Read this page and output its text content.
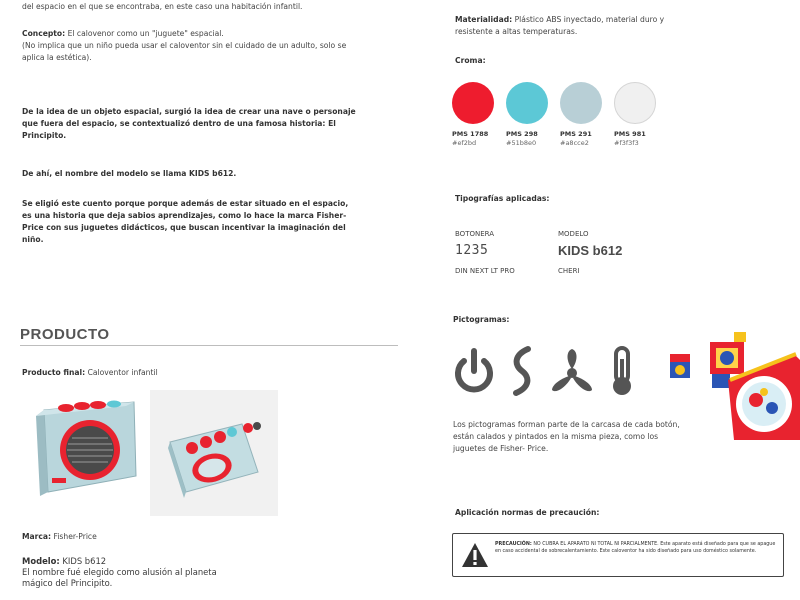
del espacio en el que se encontraba, en este caso una habitación infantil.

Concepto: El calovenor como un "juguete" espacial.

(No implica que un niño pueda usar el caloventor sin el cuidado de un adulto, solo se aplica la estética).

De la idea de un objeto espacial, surgió la idea de crear una nave o personaje que fuera del espacio, se contextualizó dentro de una famosa historia: El Principito.

De ahí, el nombre del modelo se llama KIDS b612.

Se eligió este cuento porque porque además de estar situado en el espacio, es una historia que deja sabios aprendizajes, como lo hace la marca Fisher- Price con sus juguetes didácticos, que buscan incentivar la imaginación del niño.

PRODUCTO

Producto final: Caloventor infantil

Marca: Fisher-Price

Modelo: KIDS b612

El nombre fué elegido como alusión al planeta mágico del Principito.

Materialidad: Plástico ABS inyectado, material duro y resistente a altas temperaturas.

Croma:

PMS 1788
#ef2bd
PMS 298
#51b8e0
PMS 291
#a8cce2
PMS 981
#f3f3f3

Tipografías aplicadas:

BOTONERA

1235

DIN NEXT LT PRO

MODELO

KIDS b612

CHERI

Pictogramas:

Los pictogramas forman parte de la carcasa de cada botón, están calados y pintados en la misma pieza, como los juguetes de Fisher- Price.

Aplicación normas de precaución:

PRECAUCIÓN: NO CUBRA EL APARATO NI TOTAL NI PARCIALMENTE. Este aparato está diseñado para que se apague en caso accidental de sobrecalentamiento. Este caloventor ha sido diseñado para uso doméstico solamente.
